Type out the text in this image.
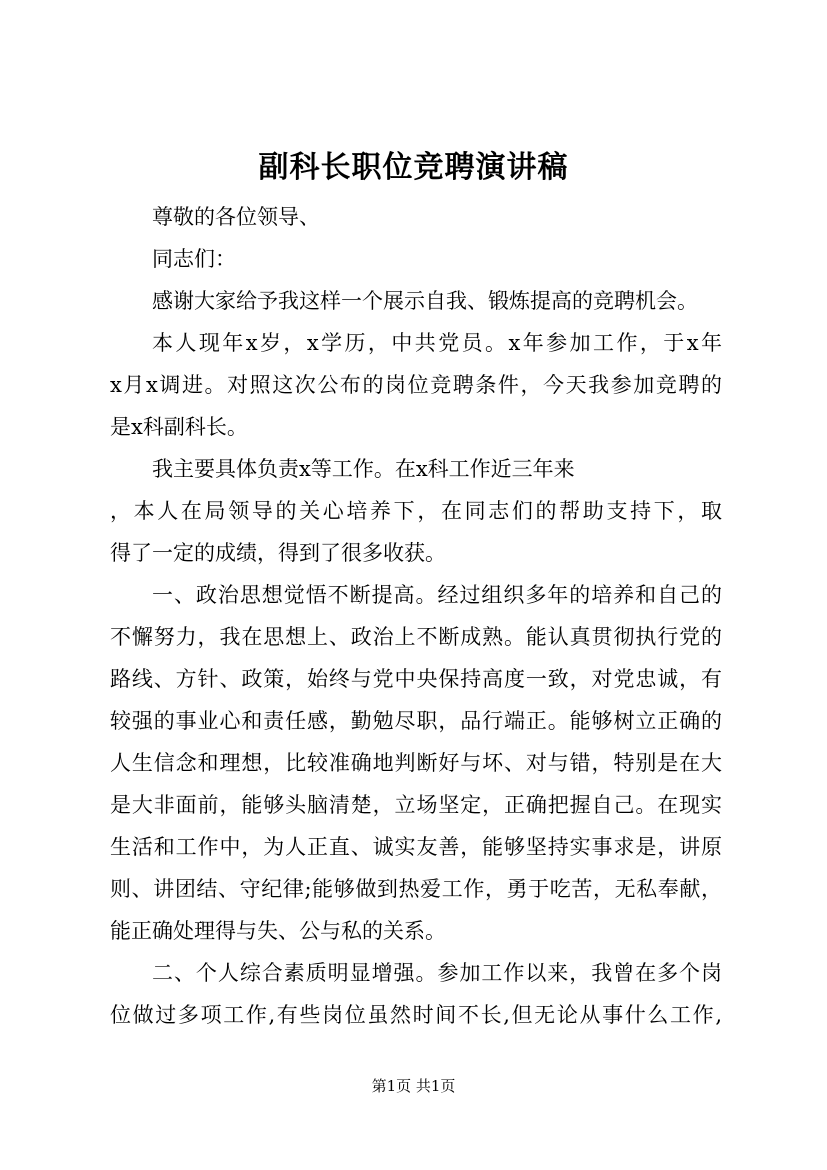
副科长职位竞聘演讲稿
尊敬的各位领导、
同志们：
感谢大家给予我这样一个展示自我、锻炼提高的竞聘机会。
本人现年x岁，x学历，中共党员。x年参加工作，于x年
x月x调进。对照这次公布的岗位竞聘条件，今天我参加竞聘的
是x科副科长。
我主要具体负责x等工作。在x科工作近三年来
，本人在局领导的关心培养下，在同志们的帮助支持下，取
得了一定的成绩，得到了很多收获。
一、政治思想觉悟不断提高。经过组织多年的培养和自己的
不懈努力，我在思想上、政治上不断成熟。能认真贯彻执行党的
路线、方针、政策，始终与党中央保持高度一致，对党忠诚，有
较强的事业心和责任感，勤勉尽职，品行端正。能够树立正确的
人生信念和理想，比较准确地判断好与坏、对与错，特别是在大
是大非面前，能够头脑清楚，立场坚定，正确把握自己。在现实
生活和工作中，为人正直、诚实友善，能够坚持实事求是，讲原
则、讲团结、守纪律;能够做到热爱工作，勇于吃苦，无私奉献，
能正确处理得与失、公与私的关系。
二、个人综合素质明显增强。参加工作以来，我曾在多个岗
位做过多项工作,有些岗位虽然时间不长,但无论从事什么工作,
第1页 共1页
